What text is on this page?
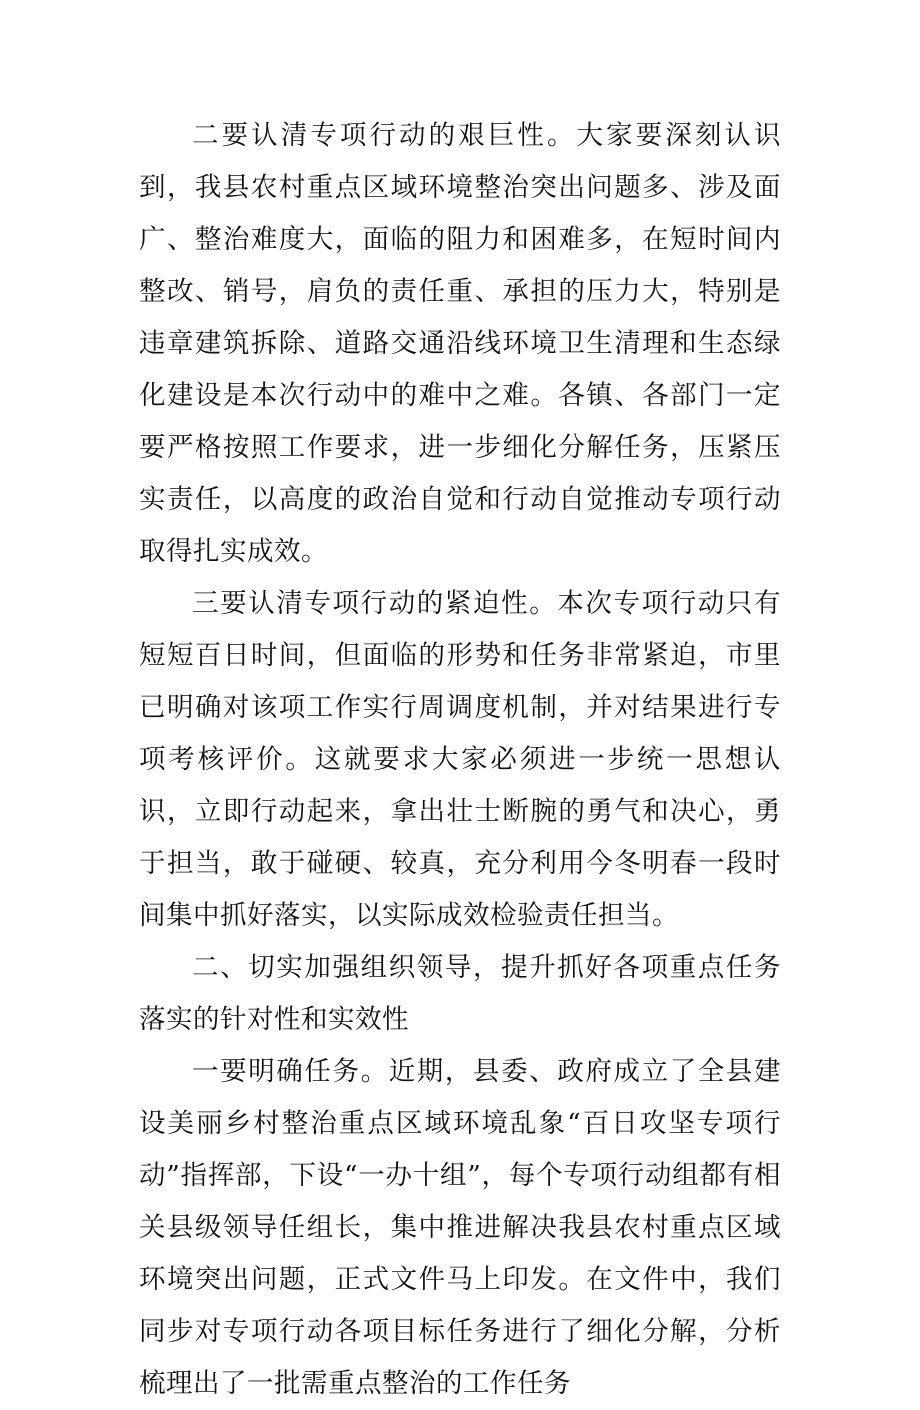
二要认清专项行动的艰巨性。大家要深刻认识到，我县农村重点区域环境整治突出问题多、涉及面广、整治难度大，面临的阻力和困难多，在短时间内整改、销号，肩负的责任重、承担的压力大，特别是违章建筑拆除、道路交通沿线环境卫生清理和生态绿化建设是本次行动中的难中之难。各镇、各部门一定要严格按照工作要求，进一步细化分解任务，压紧压实责任，以高度的政治自觉和行动自觉推动专项行动取得扎实成效。

三要认清专项行动的紧迫性。本次专项行动只有短短百日时间，但面临的形势和任务非常紧迫，市里已明确对该项工作实行周调度机制，并对结果进行专项考核评价。这就要求大家必须进一步统一思想认识，立即行动起来，拿出壮士断腕的勇气和决心，勇于担当，敢于碰硬、较真，充分利用今冬明春一段时间集中抓好落实，以实际成效检验责任担当。

二、切实加强组织领导，提升抓好各项重点任务落实的针对性和实效性

一要明确任务。近期，县委、政府成立了全县建设美丽乡村整治重点区域环境乱象“百日攻坚专项行动”指挥部，下设“一办十组”，每个专项行动组都有相关县级领导任组长，集中推进解决我县农村重点区域环境突出问题，正式文件马上印发。在文件中，我们同步对专项行动各项目标任务进行了细化分解，分析梳理出了一批需重点整治的工作任务
